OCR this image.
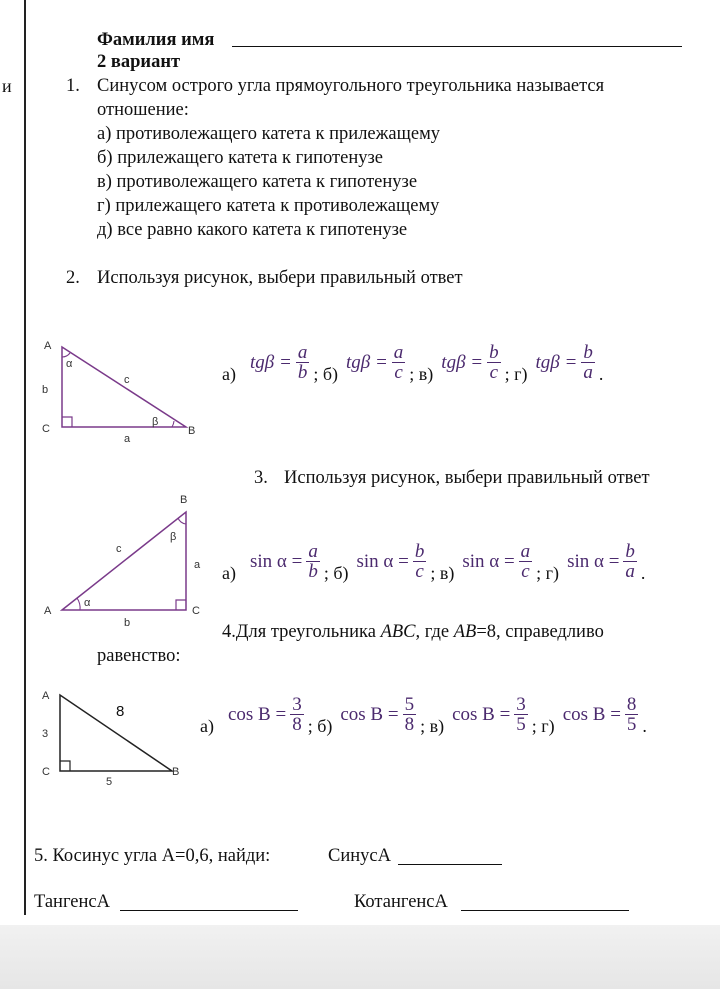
и
Фамилия имя
2 вариант
1. Синусом острого угла прямоугольного треугольника называется
отношение:
а) противолежащего катета к прилежащему
б) прилежащего катета к гипотенузе
в) противолежащего катета к гипотенузе
г) прилежащего катета к противолежащему
д) все равно какого катета к гипотенузе
2. Используя рисунок, выбери правильный ответ
A
B
C
a
b
c
α
β
а)
$tg\beta = \frac{a}{b}$ ; б)
$tg\beta = \frac{a}{c}$ ; в)
$tg\beta = \frac{b}{c}$ ; г)
$tg\beta = \frac{b}{a}$ .
3. Используя рисунок, выбери правильный ответ
A
B
C
a
b
c
α
β
а)
$\sin \alpha = \frac{a}{b}$ ; б)
$\sin \alpha = \frac{b}{c}$ ; в)
$\sin \alpha = \frac{a}{c}$ ; г)
$\sin \alpha = \frac{b}{a}$ .
4.Для треугольника ABC, где AB=8, справедливо
равенство:
A
B
C
3
5
8
а)
$\cos B = \frac{3}{8}$ ; б)
$\cos B = \frac{5}{8}$ ; в)
$\cos B = \frac{3}{5}$ ; г)
$\cos B = \frac{8}{5}$ .
5. Косинус угла А=0,6, найди:	СинусА
ТангенсА	КотангенсА
